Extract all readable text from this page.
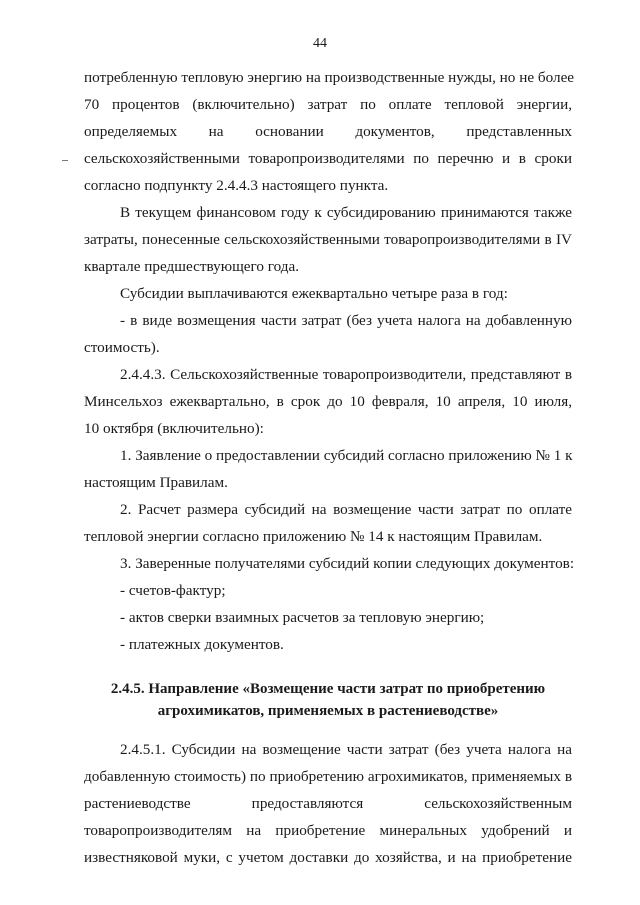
44
потребленную тепловую энергию на производственные нужды, но не более
70 процентов (включительно) затрат по оплате тепловой энергии,
определяемых на основании документов, представленных
сельскохозяйственными товаропроизводителями по перечню и в сроки
согласно подпункту 2.4.4.3 настоящего пункта.
В текущем финансовом году к субсидированию принимаются также
затраты, понесенные сельскохозяйственными товаропроизводителями в IV
квартале предшествующего года.
Субсидии выплачиваются ежеквартально четыре раза в год:
- в виде возмещения части затрат (без учета налога на добавленную
стоимость).
2.4.4.3. Сельскохозяйственные товаропроизводители, представляют в
Минсельхоз ежеквартально, в срок до 10 февраля, 10 апреля, 10 июля,
10 октября (включительно):
1. Заявление о предоставлении субсидий согласно приложению № 1 к
настоящим Правилам.
2. Расчет размера субсидий на возмещение части затрат по оплате
тепловой энергии согласно приложению № 14 к настоящим Правилам.
3. Заверенные получателями субсидий копии следующих документов:
- счетов-фактур;
- актов сверки взаимных расчетов за тепловую энергию;
- платежных документов.
2.4.5. Направление «Возмещение части затрат по приобретению
агрохимикатов, применяемых в растениеводстве»
2.4.5.1. Субсидии на возмещение части затрат (без учета налога на
добавленную стоимость) по приобретению агрохимикатов, применяемых в
растениеводстве предоставляются сельскохозяйственным
товаропроизводителям на приобретение минеральных удобрений и
известняковой муки, с учетом доставки до хозяйства, и на приобретение
